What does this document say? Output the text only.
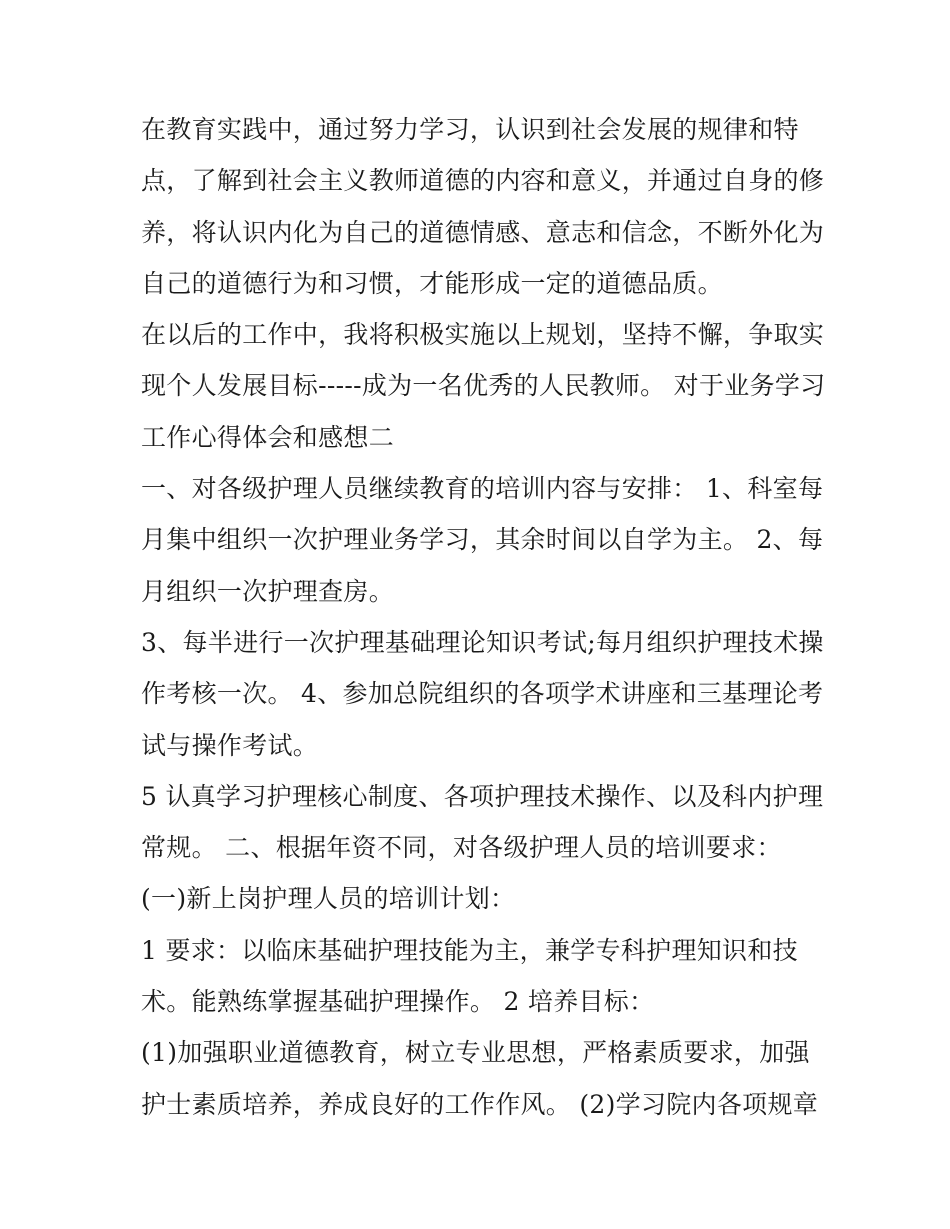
在教育实践中，通过努力学习，认识到社会发展的规律和特
点，了解到社会主义教师道德的内容和意义，并通过自身的修
养，将认识内化为自己的道德情感、意志和信念，不断外化为
自己的道德行为和习惯，才能形成一定的道德品质。
在以后的工作中，我将积极实施以上规划，坚持不懈，争取实
现个人发展目标-----成为一名优秀的人民教师。 对于业务学习
工作心得体会和感想二
一、对各级护理人员继续教育的培训内容与安排： 1、科室每
月集中组织一次护理业务学习，其余时间以自学为主。 2、每
月组织一次护理查房。
3、每半进行一次护理基础理论知识考试;每月组织护理技术操
作考核一次。 4、参加总院组织的各项学术讲座和三基理论考
试与操作考试。
5 认真学习护理核心制度、各项护理技术操作、以及科内护理
常规。 二、根据年资不同，对各级护理人员的培训要求：
(一)新上岗护理人员的培训计划：
1 要求：以临床基础护理技能为主，兼学专科护理知识和技
术。能熟练掌握基础护理操作。 2 培养目标：
(1)加强职业道德教育，树立专业思想，严格素质要求，加强
护士素质培养，养成良好的工作作风。 (2)学习院内各项规章
